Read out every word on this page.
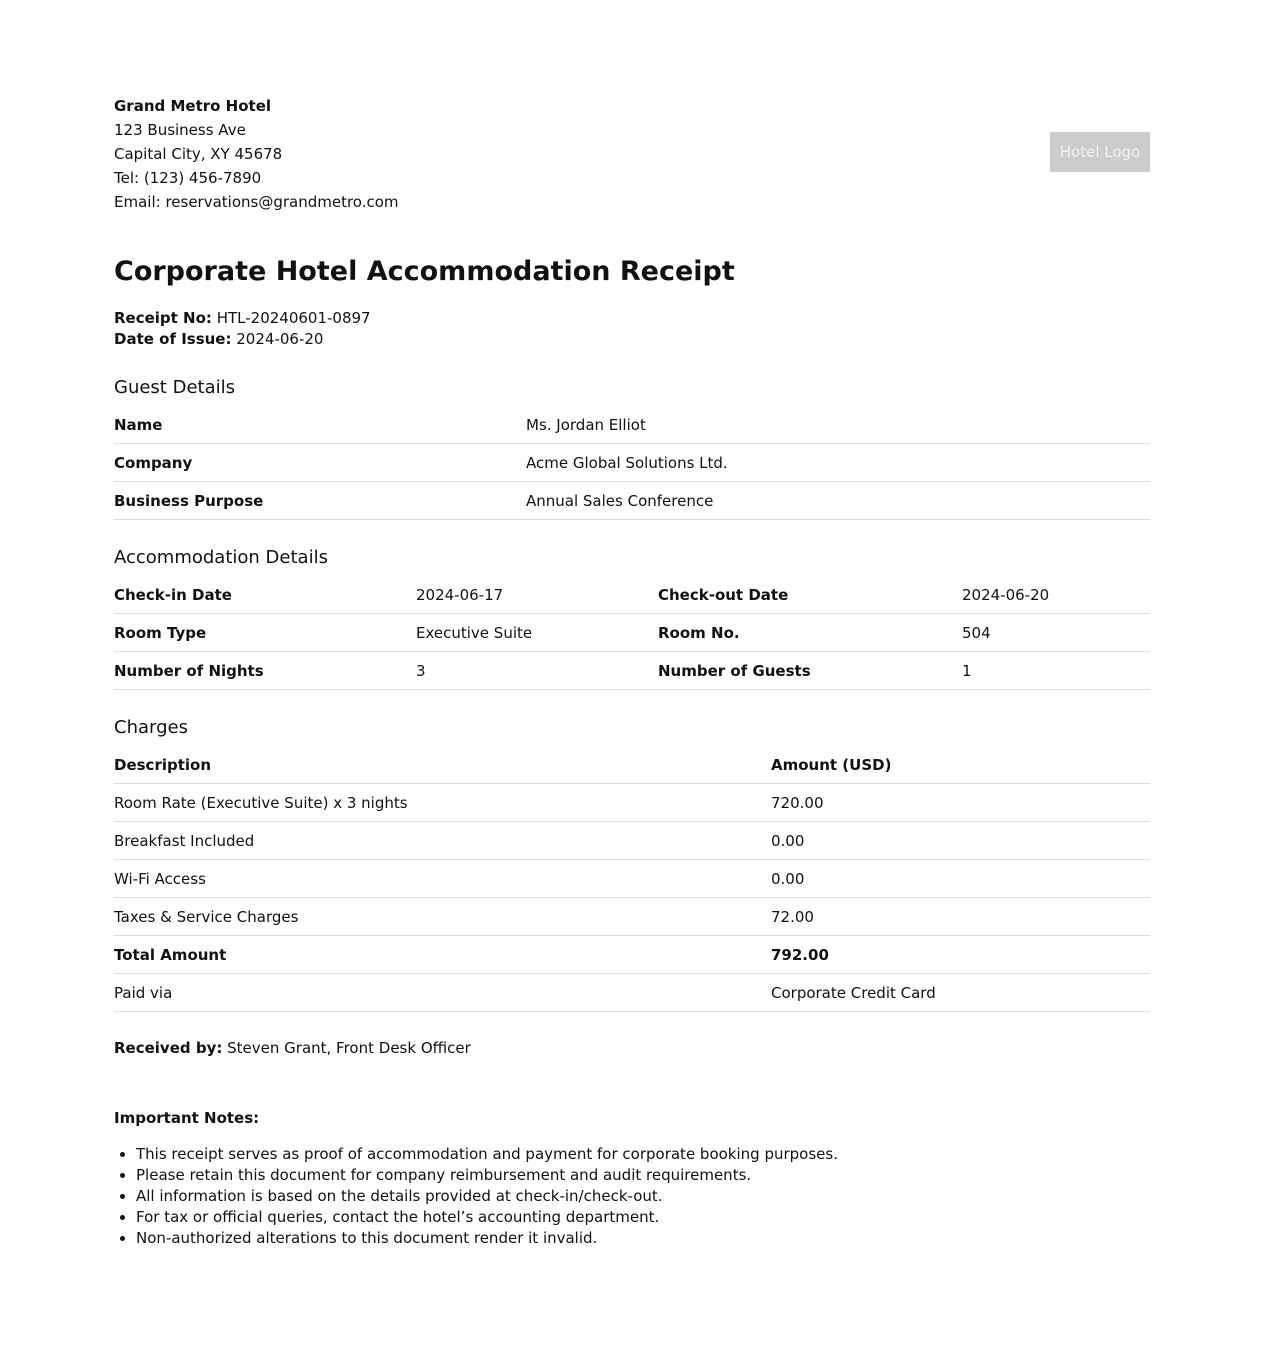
Grand Metro Hotel
123 Business Ave
Capital City, XY 45678
Tel: (123) 456-7890
Email: reservations@grandmetro.com
Hotel Logo
Corporate Hotel Accommodation Receipt
Receipt No: HTL-20240601-0897
Date of Issue: 2024-06-20
Guest Details
Name	Ms. Jordan Elliot
Company	Acme Global Solutions Ltd.
Business Purpose	Annual Sales Conference
Accommodation Details
Check-in Date	2024-06-17	Check-out Date	2024-06-20
Room Type	Executive Suite	Room No.	504
Number of Nights	3	Number of Guests	1
Charges
Description	Amount (USD)
Room Rate (Executive Suite) x 3 nights	720.00
Breakfast Included	0.00
Wi-Fi Access	0.00
Taxes & Service Charges	72.00
Total Amount	792.00
Paid via	Corporate Credit Card
Received by: Steven Grant, Front Desk Officer
Important Notes:
• This receipt serves as proof of accommodation and payment for corporate booking purposes.
• Please retain this document for company reimbursement and audit requirements.
• All information is based on the details provided at check-in/check-out.
• For tax or official queries, contact the hotel’s accounting department.
• Non-authorized alterations to this document render it invalid.
